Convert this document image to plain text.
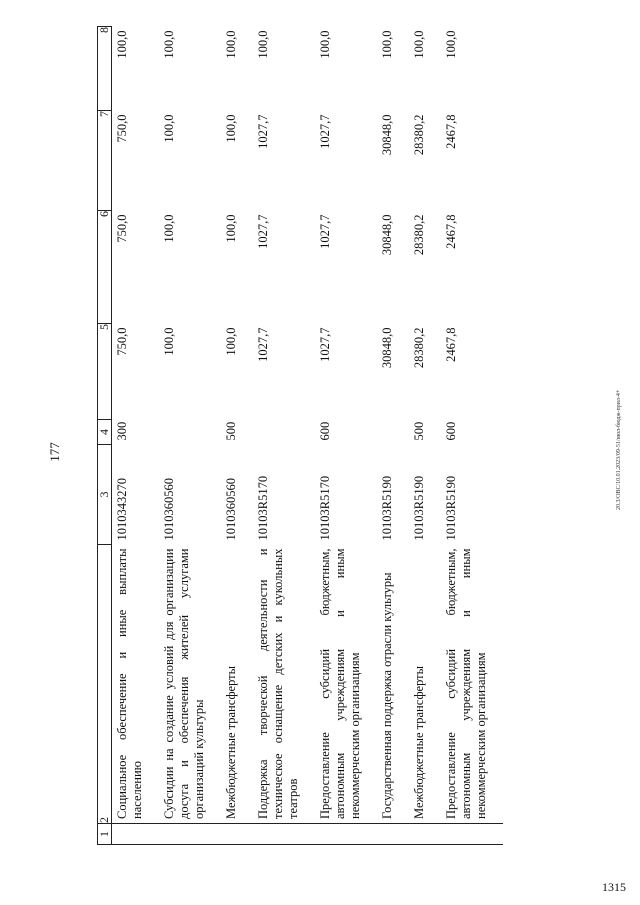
177
1	2	3	4	5	6	7	8
	Социальное обеспечение и иные выплаты населению	1010343270	300	750,0	750,0	750,0	100,0
	Субсидии на создание условий для организации досуга и обеспечения жителей услугами организаций культуры	1010360560		100,0	100,0	100,0	100,0
	Межбюджетные трансферты	1010360560	500	100,0	100,0	100,0	100,0
	Поддержка творческой деятельности и техническое оснащение детских и кукольных театров	10103R5170		1027,7	1027,7	1027,7	100,0
	Предоставление субсидий бюджетным, автономным учреждениям и иным некоммерческим организациям	10103R5170	600	1027,7	1027,7	1027,7	100,0
	Государственная поддержка отрасли культуры	10103R5190		30848,0	30848,0	30848,0	100,0
	Межбюджетные трансферты	10103R5190	500	28380,2	28380,2	28380,2	100,0
	Предоставление субсидий бюджетным, автономным учреждениям и иным некоммерческим организациям	10103R5190	600	2467,8	2467,8	2467,8	100,0
20.3/ОВС/10.01.2023/09-51/июл-бюдж-прил-4+
1315
